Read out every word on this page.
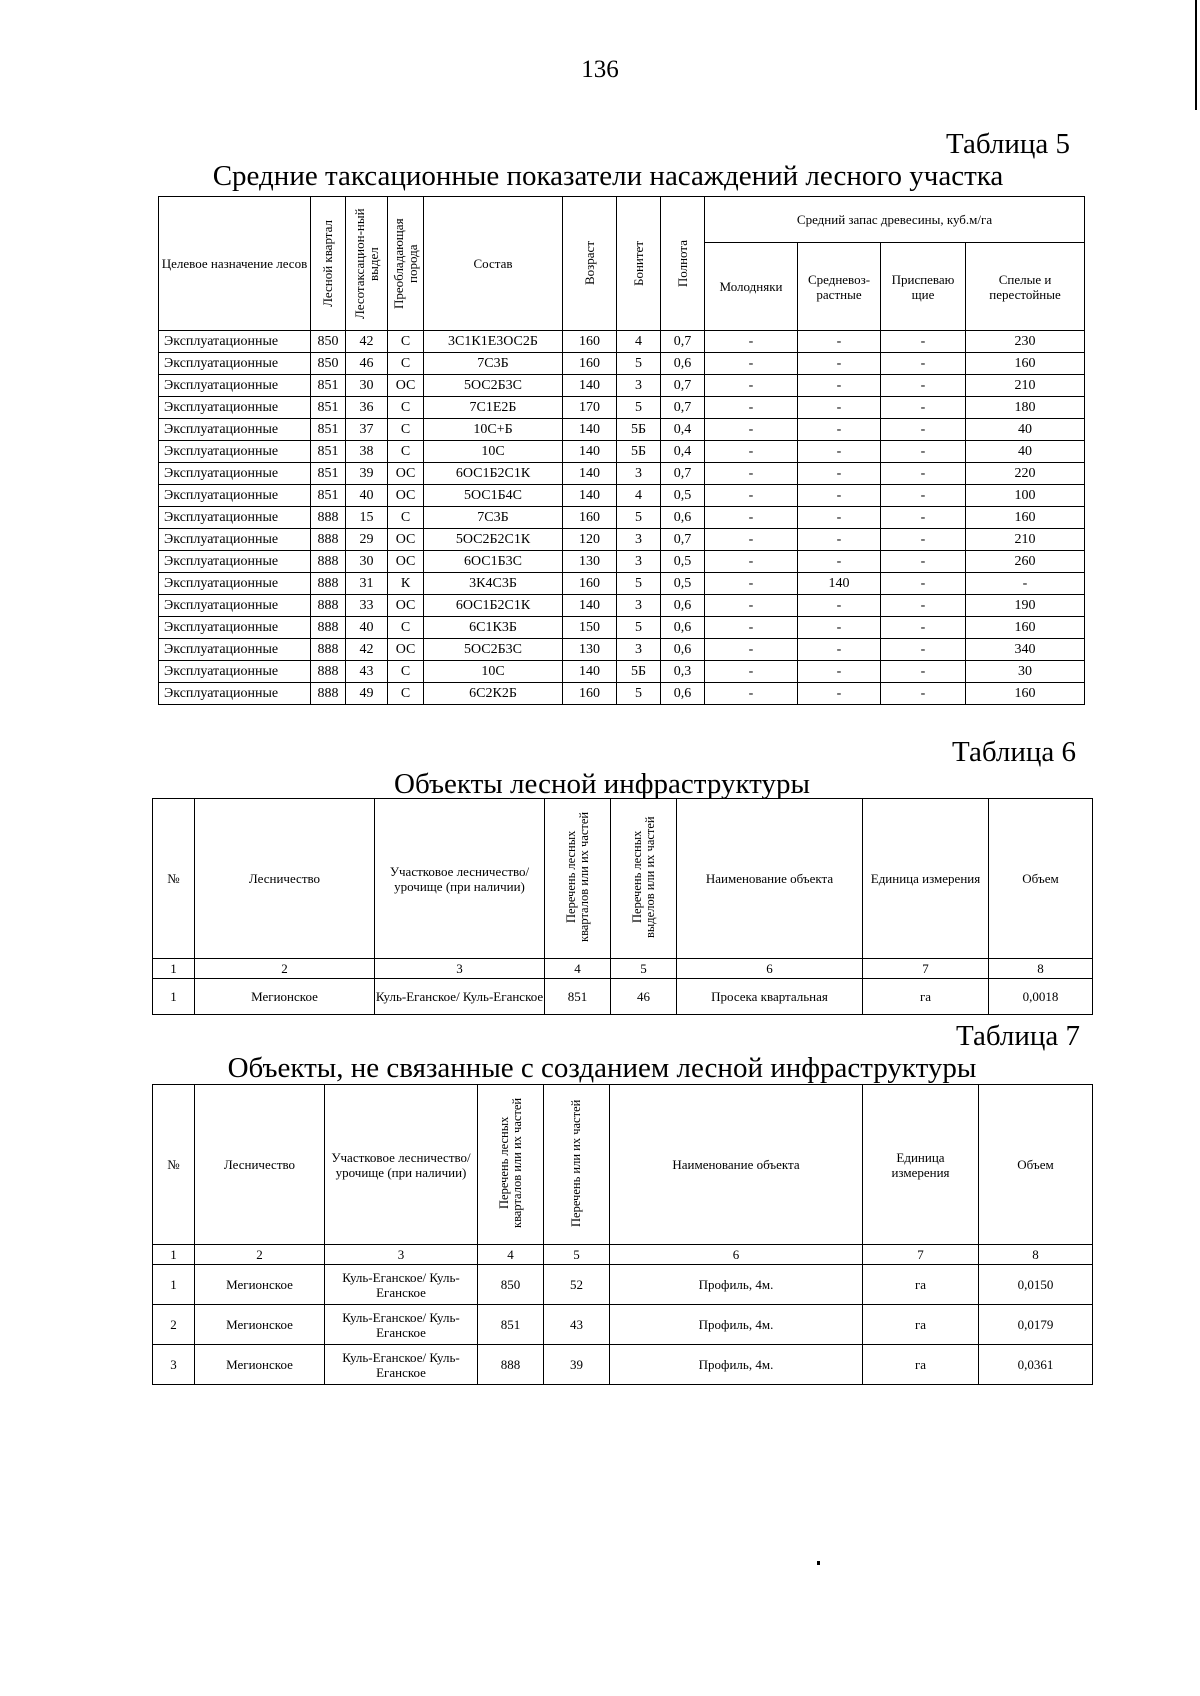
136
Таблица 5
Средние таксационные показатели насаждений лесного участка
Целевое назначение лесов	Лесной квартал	Лесотаксацион-ный выдел	Преобладающая порода	Состав	Возраст	Бонитет	Полнота	Средний запас древесины, куб.м/га			
								Молодняки	Средневоз-растные	Приспеваю щие	Спелые и перестойные
Эксплуатационные	850	42	С	3С1К1Е3ОС2Б	160	4	0,7	-	-	-	230
Эксплуатационные	850	46	С	7С3Б	160	5	0,6	-	-	-	160
Эксплуатационные	851	30	ОС	5ОС2Б3С	140	3	0,7	-	-	-	210
Эксплуатационные	851	36	С	7С1Е2Б	170	5	0,7	-	-	-	180
Эксплуатационные	851	37	С	10С+Б	140	5Б	0,4	-	-	-	40
Эксплуатационные	851	38	С	10С	140	5Б	0,4	-	-	-	40
Эксплуатационные	851	39	ОС	6ОС1Б2С1К	140	3	0,7	-	-	-	220
Эксплуатационные	851	40	ОС	5ОС1Б4С	140	4	0,5	-	-	-	100
Эксплуатационные	888	15	С	7С3Б	160	5	0,6	-	-	-	160
Эксплуатационные	888	29	ОС	5ОС2Б2С1К	120	3	0,7	-	-	-	210
Эксплуатационные	888	30	ОС	6ОС1Б3С	130	3	0,5	-	-	-	260
Эксплуатационные	888	31	К	3К4С3Б	160	5	0,5	-	140	-	-
Эксплуатационные	888	33	ОС	6ОС1Б2С1К	140	3	0,6	-	-	-	190
Эксплуатационные	888	40	С	6С1К3Б	150	5	0,6	-	-	-	160
Эксплуатационные	888	42	ОС	5ОС2Б3С	130	3	0,6	-	-	-	340
Эксплуатационные	888	43	С	10С	140	5Б	0,3	-	-	-	30
Эксплуатационные	888	49	С	6С2К2Б	160	5	0,6	-	-	-	160
Таблица 6
Объекты лесной инфраструктуры
№	Лесничество	Участковое лесничество/ урочище (при наличии)	Перечень лесных кварталов или их частей	Перечень лесных выделов или их частей	Наименование объекта	Единица измерения	Объем
1	2	3	4	5	6	7	8
1	Мегионское	Куль-Еганское/ Куль-Еганское	851	46	Просека квартальная	га	0,0018
Таблица 7
Объекты, не связанные с созданием лесной инфраструктуры
№	Лесничество	Участковое лесничество/ урочище (при наличии)	Перечень лесных кварталов или их частей	Перечень или их частей	Наименование объекта	Единица измерения	Объем
1	2	3	4	5	6	7	8
1	Мегионское	Куль-Еганское/ Куль-Еганское	850	52	Профиль, 4м.	га	0,0150
2	Мегионское	Куль-Еганское/ Куль-Еганское	851	43	Профиль, 4м.	га	0,0179
3	Мегионское	Куль-Еганское/ Куль-Еганское	888	39	Профиль, 4м.	га	0,0361
